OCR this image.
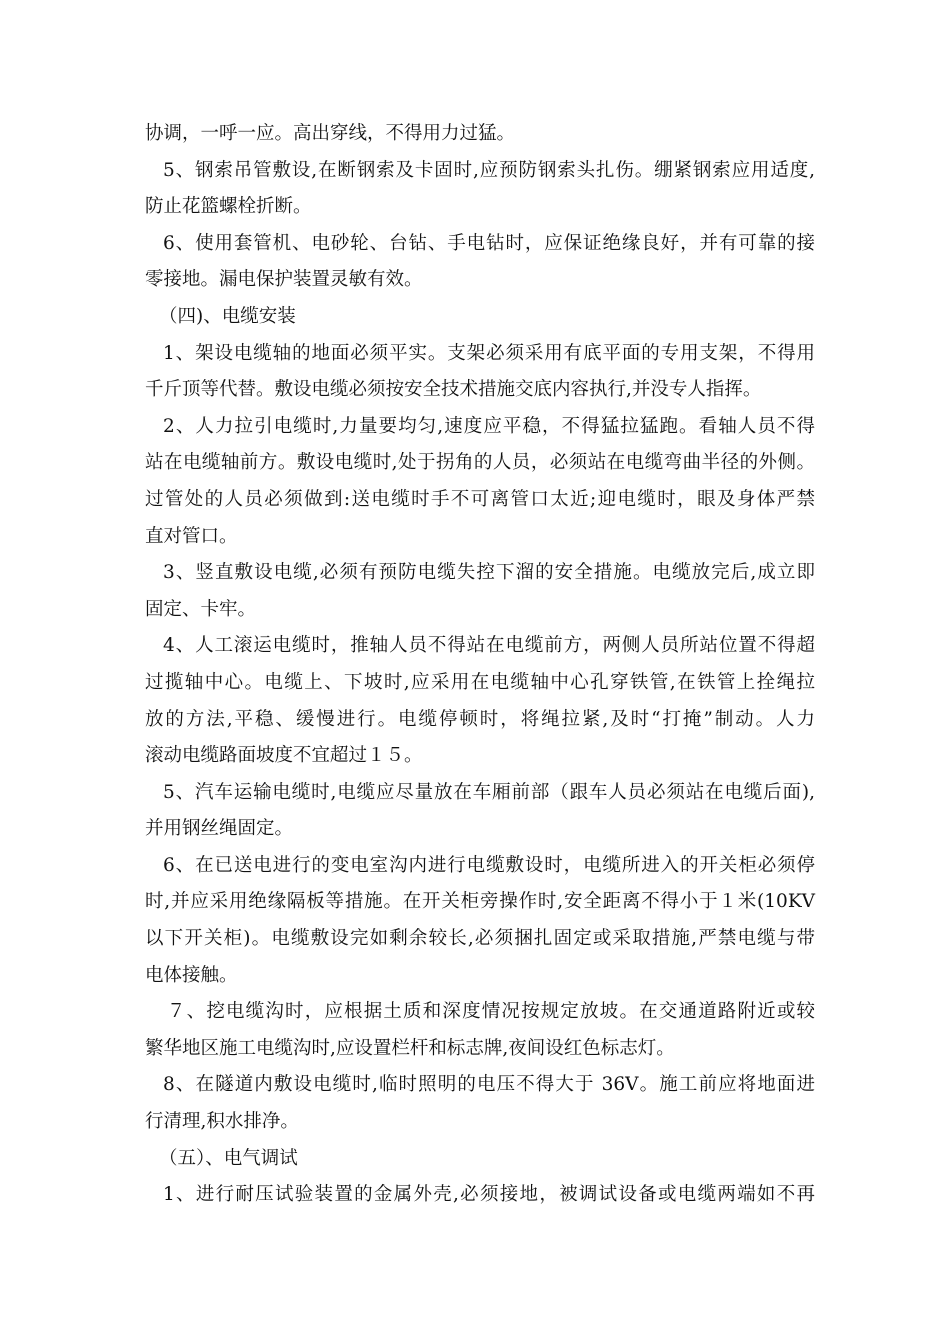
协调，一呼一应。高出穿线，不得用力过猛。
5、钢索吊管敷设,在断钢索及卡固时,应预防钢索头扎伤。绷紧钢索应用适度,
防止花篮螺栓折断。
6、使用套管机、电砂轮、台钻、手电钻时，应保证绝缘良好，并有可靠的接
零接地。漏电保护装置灵敏有效。
（四)、电缆安装
1、架设电缆轴的地面必须平实。支架必须采用有底平面的专用支架，不得用
千斤顶等代替。敷设电缆必须按安全技术措施交底内容执行,并没专人指挥。
2、人力拉引电缆时,力量要均匀,速度应平稳，不得猛拉猛跑。看轴人员不得
站在电缆轴前方。敷设电缆时,处于拐角的人员，必须站在电缆弯曲半径的外侧。
过管处的人员必须做到:送电缆时手不可离管口太近;迎电缆时，眼及身体严禁
直对管口。
3、竖直敷设电缆,必须有预防电缆失控下溜的安全措施。电缆放完后,成立即
固定、卡牢。
4、人工滚运电缆时，推轴人员不得站在电缆前方，两侧人员所站位置不得超
过揽轴中心。电缆上、下坡时,应采用在电缆轴中心孔穿铁管,在铁管上拴绳拉
放的方法,平稳、缓慢进行。电缆停顿时，将绳拉紧,及时“打掩”制动。人力
滚动电缆路面坡度不宜超过１５。
5、汽车运输电缆时,电缆应尽量放在车厢前部（跟车人员必须站在电缆后面),
并用钢丝绳固定。
6、在已送电进行的变电室沟内进行电缆敷设时，电缆所进入的开关柜必须停
时,并应采用绝缘隔板等措施。在开关柜旁操作时,安全距离不得小于１米(10KV
以下开关柜)。电缆敷设完如剩余较长,必须捆扎固定或采取措施,严禁电缆与带
电体接触。
７、挖电缆沟时，应根据土质和深度情况按规定放坡。在交通道路附近或较
繁华地区施工电缆沟时,应设置栏杆和标志牌,夜间设红色标志灯。
8、在隧道内敷设电缆时,临时照明的电压不得大于 36V。施工前应将地面进
行清理,积水排净。
（五）、电气调试
1、进行耐压试验装置的金属外壳,必须接地，被调试设备或电缆两端如不再
